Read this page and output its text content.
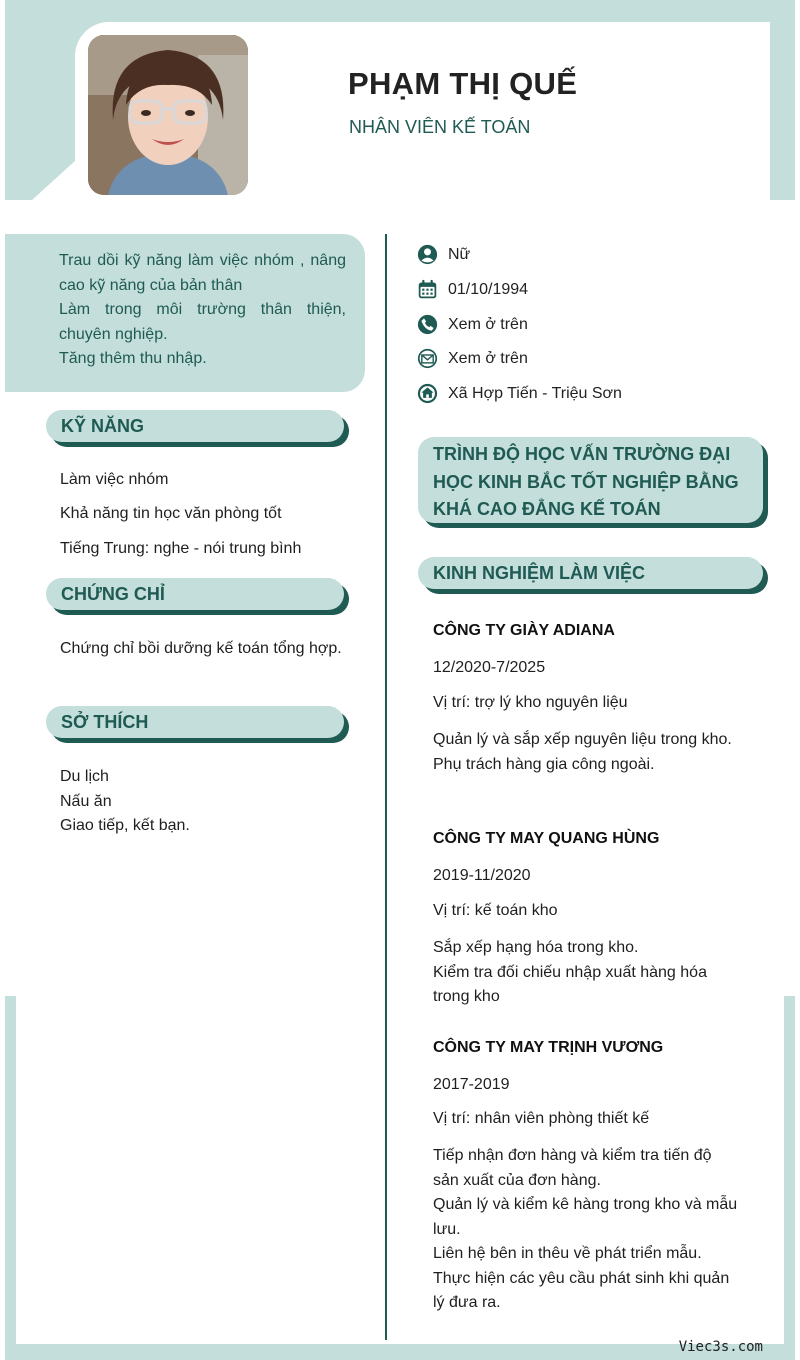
PHẠM THỊ QUẾ
NHÂN VIÊN KẾ TOÁN

Trau dồi kỹ năng làm việc nhóm , nâng cao kỹ năng của bản thân

Làm trong môi trường thân thiện, chuyên nghiệp.

Tăng thêm thu nhập.

KỸ NĂNG
Làm việc nhóm
Khả năng tin học văn phòng tốt
Tiếng Trung: nghe - nói trung bình
CHỨNG CHỈ
Chứng chỉ bồi dưỡng kế toán tổng hợp.
SỞ THÍCH
Du lịch
Nấu ăn
Giao tiếp, kết bạn.
Nữ
01/10/1994
Xem ở trên
Xem ở trên
Xã Hợp Tiến - Triệu Sơn
TRÌNH ĐỘ HỌC VẤN TRƯỜNG ĐẠI HỌC KINH BẮC TỐT NGHIỆP BẰNG KHÁ CAO ĐẲNG KẾ TOÁN
KINH NGHIỆM LÀM VIỆC
CÔNG TY GIÀY ADIANA
12/2020-7/2025
Vị trí: trợ lý kho nguyên liệu
Quản lý và sắp xếp nguyên liệu trong kho.
Phụ trách hàng gia công ngoài.
CÔNG TY MAY QUANG HÙNG
2019-11/2020
Vị trí: kế toán kho
Sắp xếp hạng hóa trong kho.
Kiểm tra đối chiếu nhập xuất hàng hóa trong kho
CÔNG TY MAY TRỊNH VƯƠNG
2017-2019
Vị trí: nhân viên phòng thiết kế
Tiếp nhận đơn hàng và kiểm tra tiến độ sản xuất của đơn hàng.
Quản lý và kiểm kê hàng trong kho và mẫu lưu.
Liên hệ bên in thêu về phát triển mẫu.
Thực hiện các yêu cầu phát sinh khi quản lý đưa ra.
Viec3s.com
